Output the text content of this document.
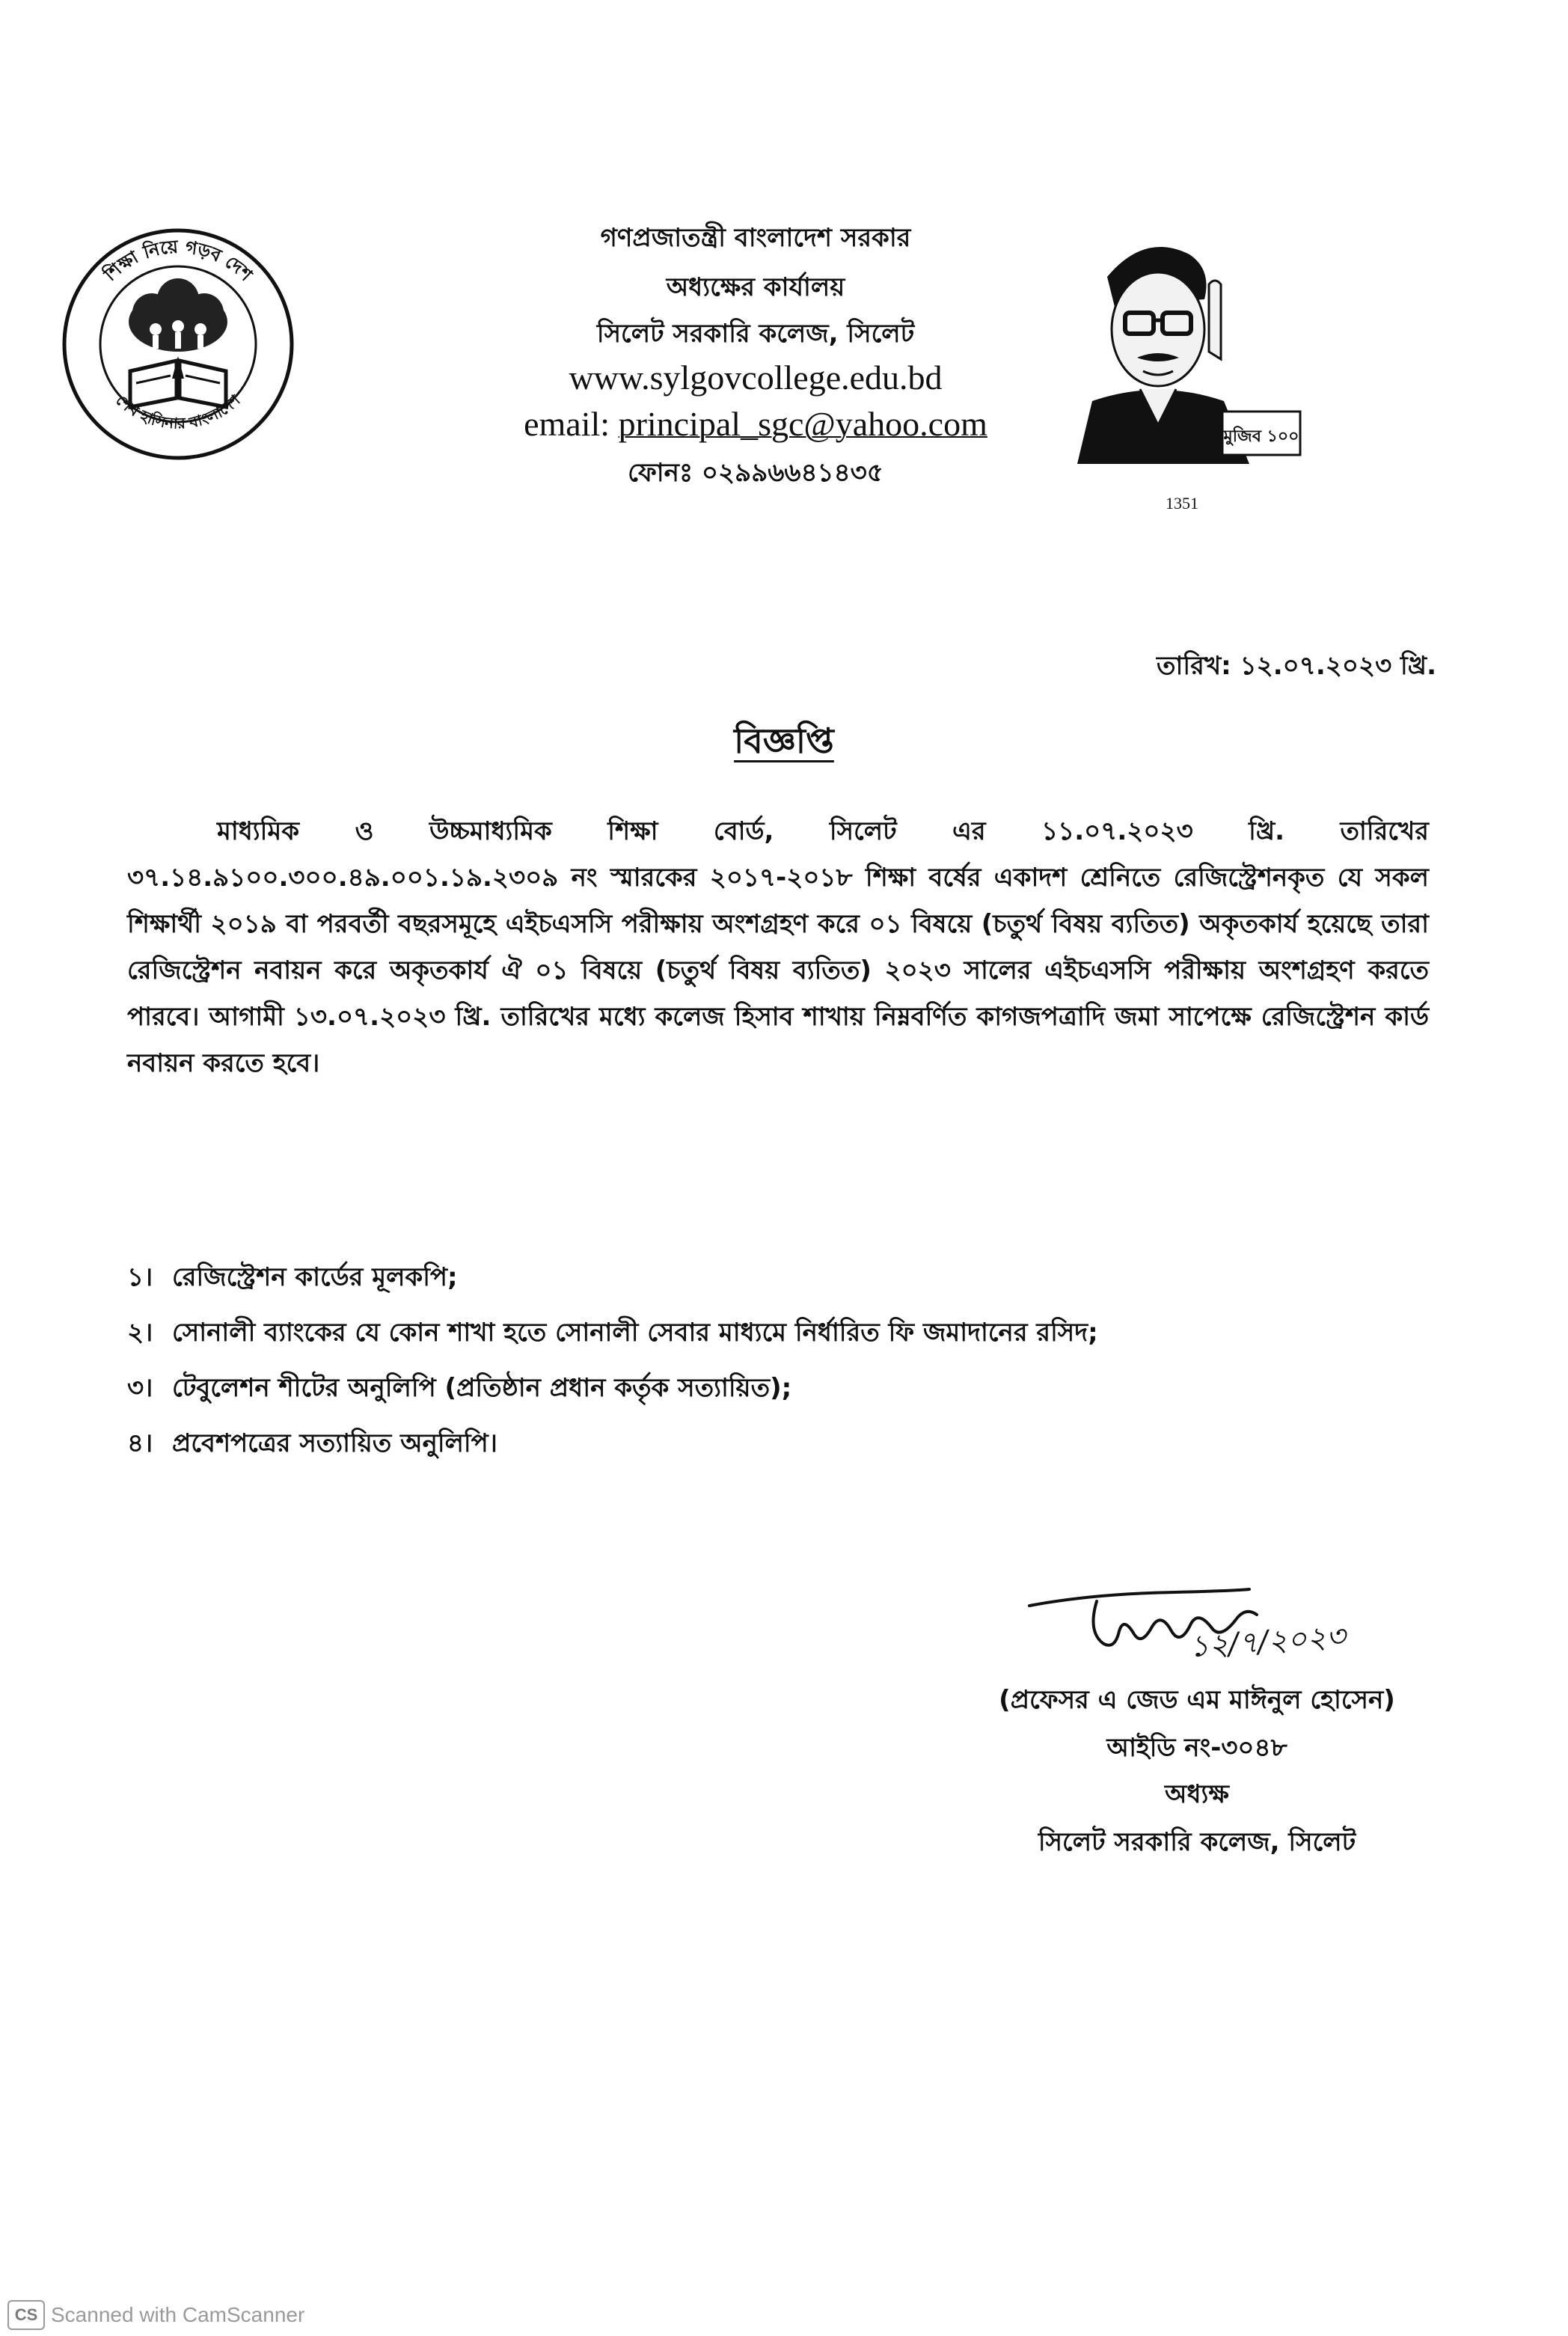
শিক্ষা নিয়ে গড়ব দেশ
শেখ হাসিনার বাংলাদেশ
গণপ্রজাতন্ত্রী বাংলাদেশ সরকার
অধ্যক্ষের কার্যালয়
সিলেট সরকারি কলেজ, সিলেট
www.sylgovcollege.edu.bd
email: principal_sgc@yahoo.com
ফোনঃ ০২৯৯৬৬৪১৪৩৫
মুজিব ১০০
1351
তারিখ: ১২.০৭.২০২৩ খ্রি.
বিজ্ঞপ্তি
মাধ্যমিক ও উচ্চমাধ্যমিক শিক্ষা বোর্ড, সিলেট এর ১১.০৭.২০২৩ খ্রি. তারিখের ৩৭.১৪.৯১০০.৩০০.৪৯.০০১.১৯.২৩০৯ নং স্মারকের ২০১৭-২০১৮ শিক্ষা বর্ষের একাদশ শ্রেনিতে রেজিস্ট্রেশনকৃত যে সকল শিক্ষার্থী ২০১৯ বা পরবর্তী বছরসমূহে এইচএসসি পরীক্ষায় অংশগ্রহণ করে ০১ বিষয়ে (চতুর্থ বিষয় ব্যতিত) অকৃতকার্য হয়েছে তারা রেজিস্ট্রেশন নবায়ন করে অকৃতকার্য ঐ ০১ বিষয়ে (চতুর্থ বিষয় ব্যতিত) ২০২৩ সালের এইচএসসি পরীক্ষায় অংশগ্রহণ করতে পারবে। আগামী ১৩.০৭.২০২৩ খ্রি. তারিখের মধ্যে কলেজ হিসাব শাখায় নিম্নবর্ণিত কাগজপত্রাদি জমা সাপেক্ষে রেজিস্ট্রেশন কার্ড নবায়ন করতে হবে।
১। রেজিস্ট্রেশন কার্ডের মূলকপি;
২। সোনালী ব্যাংকের যে কোন শাখা হতে সোনালী সেবার মাধ্যমে নির্ধারিত ফি জমাদানের রসিদ;
৩। টেবুলেশন শীটের অনুলিপি (প্রতিষ্ঠান প্রধান কর্তৃক সত্যায়িত);
৪। প্রবেশপত্রের সত্যায়িত অনুলিপি।
১২/৭/২০২৩
(প্রফেসর এ জেড এম মাঈনুল হোসেন)
আইডি নং-৩০৪৮
অধ্যক্ষ
সিলেট সরকারি কলেজ, সিলেট
CS Scanned with CamScanner
